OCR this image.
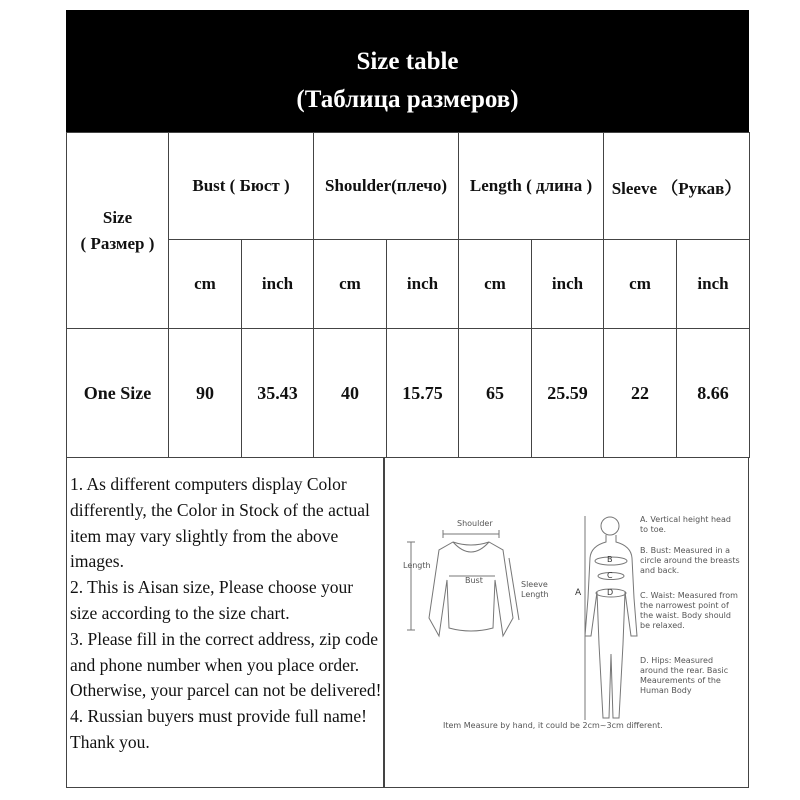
Size table
(Таблица размеров)
Size
( Размер )	Bust ( Бюст )		Shoulder(плечо)		Length ( длина )		Sleeve （Рукав）	
	cm	inch	cm	inch	cm	inch	cm	inch
One Size	90	35.43	40	15.75	65	25.59	22	8.66

1. As different computers display Color differently, the Color in Stock of the actual item may vary slightly from the above images.

2. This is Aisan size, Please choose your size according to the size chart.

3. Please fill in the correct address, zip code and phone number when you place order. Otherwise, your parcel can not be delivered!

4. Russian buyers must provide full name! Thank you.

Shoulder
Length
Bust	Sleeve Length	A
B
C
D
A. Vertical height head to toe.
B. Bust: Measured in a circle around the breasts and back.
C. Waist: Measured from the narrowest point of the waist. Body should be relaxed.
D. Hips: Measured around the rear. Basic Meaurements of the Human Body
Item Measure by hand, it could be 2cm~3cm different.
